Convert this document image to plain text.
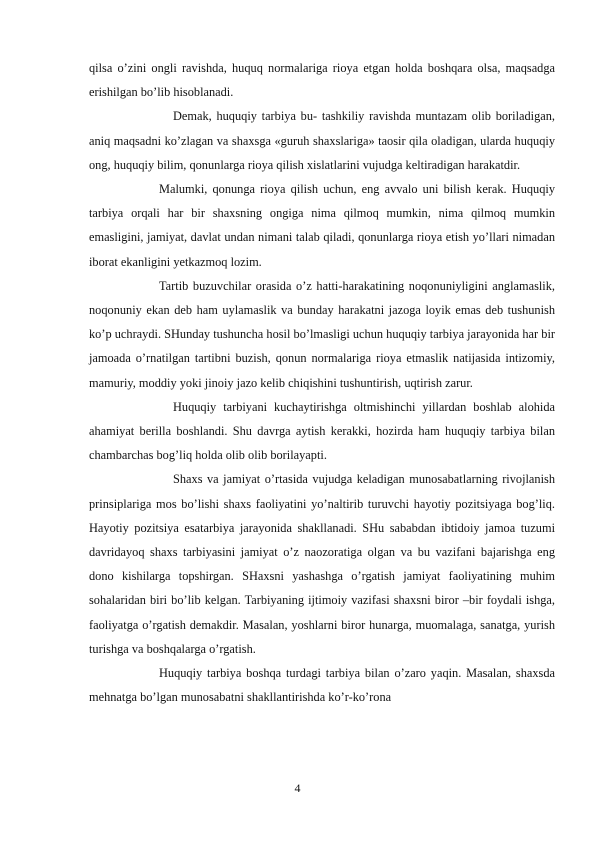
qilsa o’zini ongli ravishda, huquq normalariga rioya etgan holda boshqara olsa, maqsadga erishilgan bo’lib hisoblanadi.

Demak, huquqiy tarbiya bu- tashkiliy ravishda muntazam olib boriladigan, aniq maqsadni ko’zlagan va shaxsga «guruh shaxslariga» taosir qila oladigan, ularda huquqiy ong, huquqiy bilim, qonunlarga rioya qilish xislatlarini vujudga keltiradigan harakatdir.

Malumki, qonunga rioya qilish uchun, eng avvalo uni bilish kerak. Huquqiy tarbiya orqali har bir shaxsning ongiga nima qilmoq mumkin, nima qilmoq mumkin emasligini, jamiyat, davlat undan nimani talab qiladi, qonunlarga rioya etish yo’llari nimadan iborat ekanligini yetkazmoq lozim.

Tartib buzuvchilar orasida o’z hatti-harakatining noqonuniyligini anglamaslik, noqonuniy ekan deb ham uylamaslik va bunday harakatni jazoga loyik emas deb tushunish ko’p uchraydi. SHunday tushuncha hosil bo’lmasligi uchun huquqiy tarbiya jarayonida har bir jamoada o’rnatilgan tartibni buzish, qonun normalariga rioya etmaslik natijasida intizomiy, mamuriy, moddiy yoki jinoiy jazo kelib chiqishini tushuntirish, uqtirish zarur.

Huquqiy tarbiyani kuchaytirishga oltmishinchi yillardan boshlab alohida ahamiyat berilla boshlandi. Shu davrga aytish kerakki, hozirda ham huquqiy tarbiya bilan chambarchas bog’liq holda olib olib borilayapti.

Shaxs va jamiyat o’rtasida vujudga keladigan munosabatlarning rivojlanish prinsiplariga mos bo’lishi shaxs faoliyatini yo’naltirib turuvchi hayotiy pozitsiyaga bog’liq. Hayotiy pozitsiya esatarbiya jarayonida shakllanadi. SHu sababdan ibtidoiy jamoa tuzumi davridayoq shaxs tarbiyasini jamiyat o’z naozoratiga olgan va bu vazifani bajarishga eng dono kishilarga topshirgan. SHaxsni yashashga o’rgatish jamiyat faoliyatining muhim sohalaridan biri bo’lib kelgan. Tarbiyaning ijtimoiy vazifasi shaxsni biror –bir foydali ishga, faoliyatga o’rgatish demakdir. Masalan, yoshlarni biror hunarga, muomalaga, sanatga, yurish turishga va boshqalarga o’rgatish.

Huquqiy tarbiya boshqa turdagi tarbiya bilan o’zaro yaqin. Masalan, shaxsda mehnatga bo’lgan munosabatni shakllantirishda ko’r-ko’rona

4
